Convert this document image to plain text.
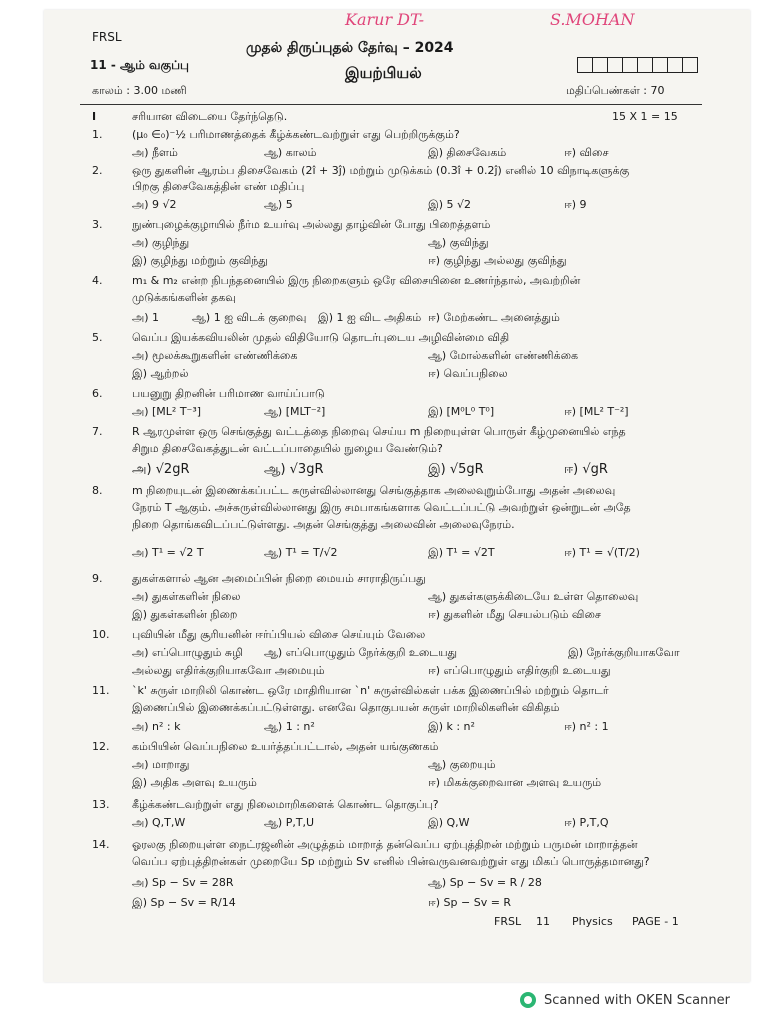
Karur DT-	S.MOHAN
FRSL
முதல் திருப்புதல் தேர்வு – 2024
11 - ஆம் வகுப்பு	இயற்பியல்
காலம் : 3.00 மணி	மதிப்பெண்கள் : 70
I	சரியான விடையை தேர்ந்தெடு.	15 X 1 = 15
1.	(μ₀ ∈₀)⁻½ பரிமாணத்தைக் கீழ்க்கண்டவற்றுள் எது பெற்றிருக்கும்?
அ) நீளம்	ஆ) காலம்	இ) திசைவேகம்	ஈ) விசை
2.	ஒரு துகளின் ஆரம்ப திசைவேகம் (2î + 3ĵ) மற்றும் முடுக்கம் (0.3î + 0.2ĵ) எனில் 10 விநாடிகளுக்கு
பிறகு திசைவேகத்தின் எண் மதிப்பு
அ) 9 √2	ஆ) 5	இ) 5 √2	ஈ) 9
3.	நுண்புழைக்குழாயில் நீர்ம உயர்வு அல்லது தாழ்வின் போது பிறைத்தளம்
அ) குழிந்து	ஆ) குவிந்து
இ) குழிந்து மற்றும் குவிந்து	ஈ) குழிந்து அல்லது குவிந்து
4.	m₁ & m₂ என்ற நிபந்தனையில் இரு நிறைகளும் ஒரே விசையினை உணர்ந்தால், அவற்றின்
முடுக்கங்களின் தகவு
அ) 1	ஆ) 1 ஐ விடக் குறைவு இ) 1 ஐ விட அதிகம் ஈ) மேற்கண்ட அனைத்தும்
5.	வெப்ப இயக்கவியலின் முதல் விதியோடு தொடர்புடைய அழிவின்மை விதி
அ) மூலக்கூறுகளின் எண்ணிக்கை	ஆ) மோல்களின் எண்ணிக்கை
இ) ஆற்றல்	ஈ) வெப்பநிலை
6.	பயனுறு திறனின் பரிமாண வாய்ப்பாடு
அ) [ML² T⁻³]	ஆ) [MLT⁻²]	இ) [M⁰L⁰ T⁰]	ஈ) [ML² T⁻²]
7.	R ஆரமுள்ள ஒரு செங்குத்து வட்டத்தை நிறைவு செய்ய m நிறையுள்ள பொருள் கீழ்முனையில் எந்த
சிறும திசைவேகத்துடன் வட்டப்பாதையில் நுழைய வேண்டும்?
அ) √2gR	ஆ) √3gR	இ) √5gR	ஈ) √gR
8.	m நிறையுடன் இணைக்கப்பட்ட சுருள்வில்லானது செங்குத்தாக அலைவுறும்போது அதன் அலைவு
நேரம் T ஆகும். அச்சுருள்வில்லானது இரு சமபாகங்களாக வெட்டப்பட்டு அவற்றுள் ஒன்றுடன் அதே
நிறை தொங்கவிடப்பட்டுள்ளது. அதன் செங்குத்து அலைவின் அலைவுநேரம்.
அ) T¹ = √2 T	ஆ) T¹ = T/√2	இ) T¹ = √2T	ஈ) T¹ = √(T/2)
9.	துகள்களால் ஆன அமைப்பின் நிறை மையம் சாராதிருப்பது
அ) துகள்களின் நிலை	ஆ) துகள்களுக்கிடையே உள்ள தொலைவு
இ) துகள்களின் நிறை	ஈ) துகளின் மீது செயல்படும் விசை
10. புவியின் மீது சூரியனின் ஈர்ப்பியல் விசை செய்யும் வேலை
அ) எப்பொழுதும் சுழி ஆ) எப்பொழுதும் நேர்க்குறி உடையது	இ) நேர்க்குறியாகவோ
அல்லது எதிர்க்குறியாகவோ அமையும்	ஈ) எப்பொழுதும் எதிர்குறி உடையது
11. `k' சுருள் மாறிலி கொண்ட ஒரே மாதிரியான `n' சுருள்வில்கள் பக்க இணைப்பில் மற்றும் தொடர்
இணைப்பில் இணைக்கப்பட்டுள்ளது. எனவே தொகுபயன் சுருள் மாறிலிகளின் விகிதம்
அ) n² : k	ஆ) 1 : n²	இ) k : n²	ஈ) n² : 1
12. கம்பியின் வெப்பநிலை உயர்த்தப்பட்டால், அதன் யங்குணகம்
அ) மாறாது	ஆ) குறையும்
இ) அதிக அளவு உயரும்	ஈ) மிகக்குறைவான அளவு உயரும்
13. கீழ்க்கண்டவற்றுள் எது நிலைமாறிகளைக் கொண்ட தொகுப்பு?
அ) Q,T,W	ஆ) P,T,U	இ) Q,W	ஈ) P,T,Q
14. ஓரலகு நிறையுள்ள நைட்ரஜனின் அழுத்தம் மாறாத் தன்வெப்ப ஏற்புத்திறன் மற்றும் பருமன் மாறாத்தன்
வெப்ப ஏற்புத்திறன்கள் முறையே Sp மற்றும் Sv எனில் பின்வருவனவற்றுள் எது மிகப் பொருத்தமானது?
அ) Sp − Sv = 28R	ஆ) Sp − Sv = R / 28
இ) Sp − Sv = R/14	ஈ) Sp − Sv = R
FRSL 11 Physics PAGE - 1
Scanned with OKEN Scanner
